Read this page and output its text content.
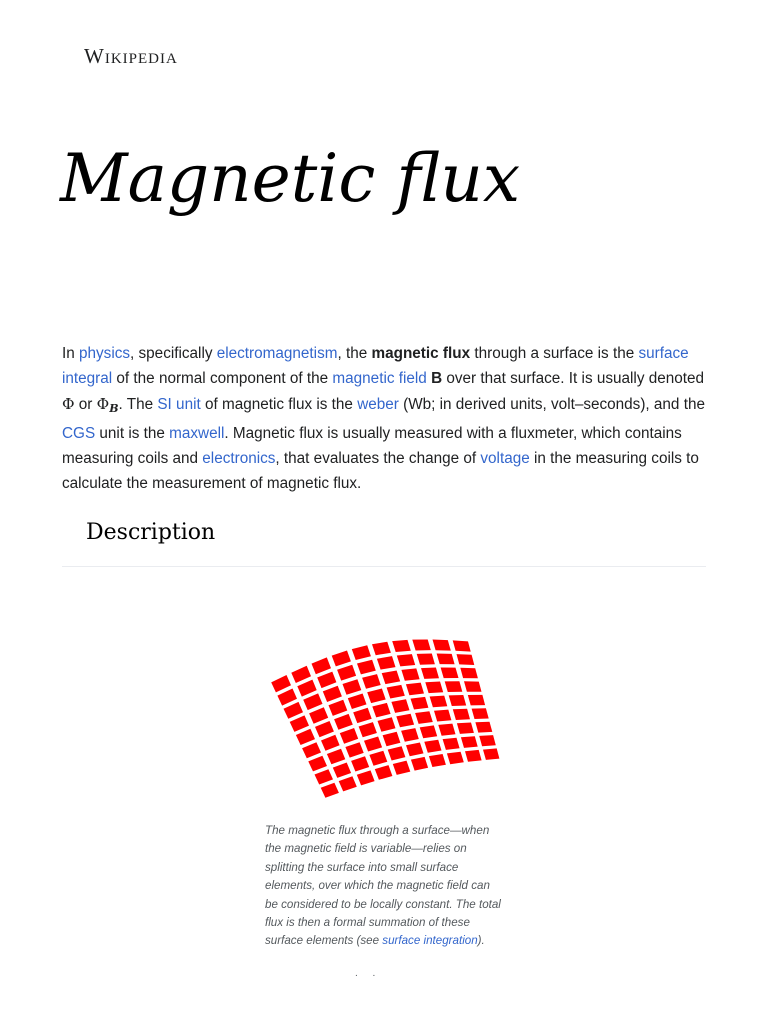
Wikipedia
Magnetic flux

In physics, specifically electromagnetism, the magnetic flux through a surface is the surface integral of the normal component of the magnetic field B over that surface. It is usually denoted Φ or $\Phi_B$. The SI unit of magnetic flux is the weber (Wb; in derived units, volt–seconds), and the CGS unit is the maxwell. Magnetic flux is usually measured with a fluxmeter, which contains measuring coils and electronics, that evaluates the change of voltage in the measuring coils to calculate the measurement of magnetic flux.

Description

The magnetic flux through a surface—when the magnetic field is variable—relies on splitting the surface into small surface elements, over which the magnetic field can be considered to be locally constant. The total flux is then a formal summation of these surface elements (see surface integration).

. .
